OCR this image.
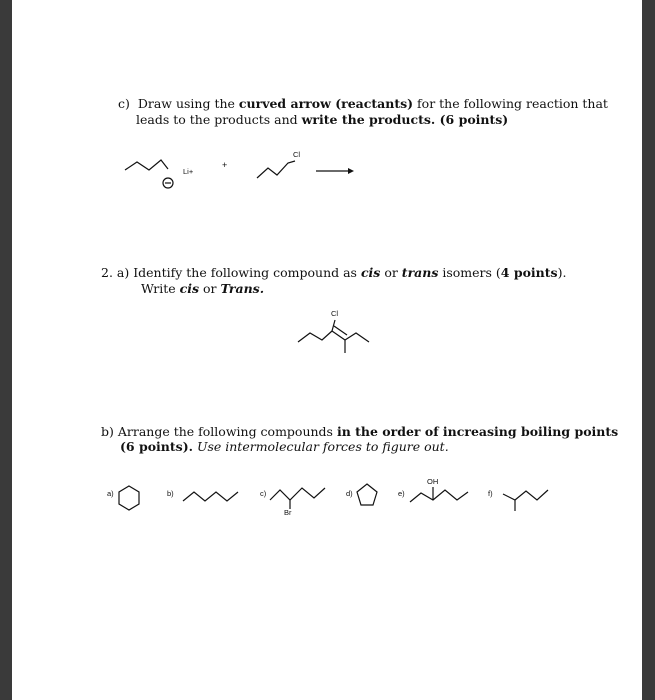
c) Draw using the curved arrow (reactants) for the following reaction that
leads to the products and write the products. (6 points)
Li+
+
Cl
2. a) Identify the following compound as cis or trans isomers (4 points).
Write cis or Trans.
Cl
b) Arrange the following compounds in the order of increasing boiling points
(6 points). Use intermolecular forces to figure out.
a)	b)	c)	d)	e)	f)
Br
OH
